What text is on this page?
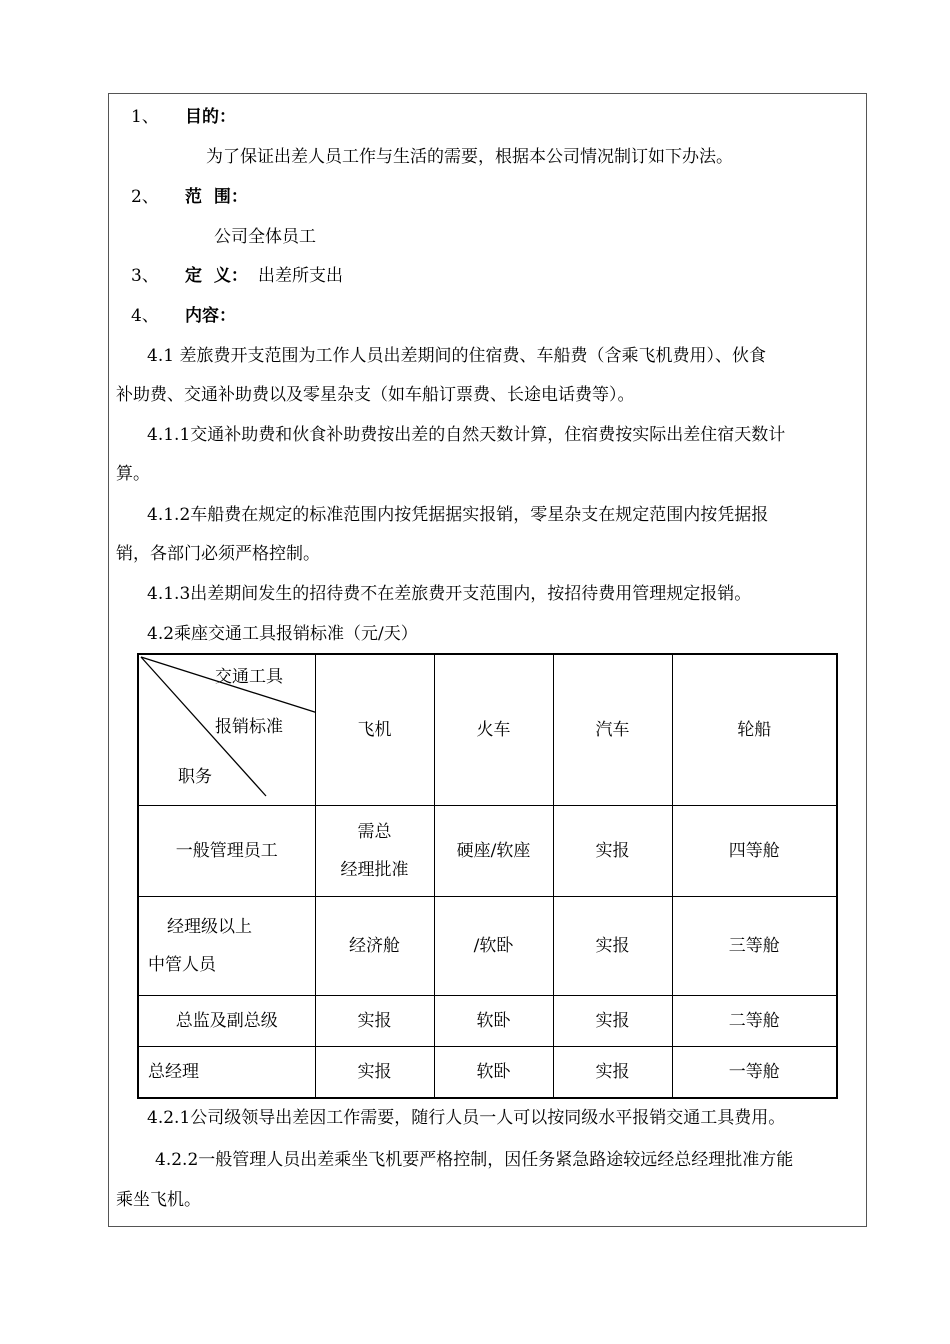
1、 目的：
为了保证出差人员工作与生活的需要，根据本公司情况制订如下办法。
2、 范  围：
公司全体员工
3、 定  义： 出差所支出
4、 内容：
4.1 差旅费开支范围为工作人员出差期间的住宿费、车船费（含乘飞机费用）、伙食
补助费、交通补助费以及零星杂支（如车船订票费、长途电话费等）。
4.1.1交通补助费和伙食补助费按出差的自然天数计算，住宿费按实际出差住宿天数计
算。
4.1.2车船费在规定的标准范围内按凭据据实报销，零星杂支在规定范围内按凭据报
销，各部门必须严格控制。
4.1.3出差期间发生的招待费不在差旅费开支范围内，按招待费用管理规定报销。
4.2乘座交通工具报销标准（元/天）
交通工具
报销标准
职务	飞机	火车	汽车	轮船
一般管理员工	需总
经理批准	硬座/软座	实报	四等舱

经理级以上
中管人员	经济舱	/软卧	实报	三等舱
总监及副总级	实报	软卧	实报	二等舱
总经理	实报	软卧	实报	一等舱
4.2.1公司级领导出差因工作需要，随行人员一人可以按同级水平报销交通工具费用。
4.2.2一般管理人员出差乘坐飞机要严格控制，因任务紧急路途较远经总经理批准方能
乘坐飞机。
